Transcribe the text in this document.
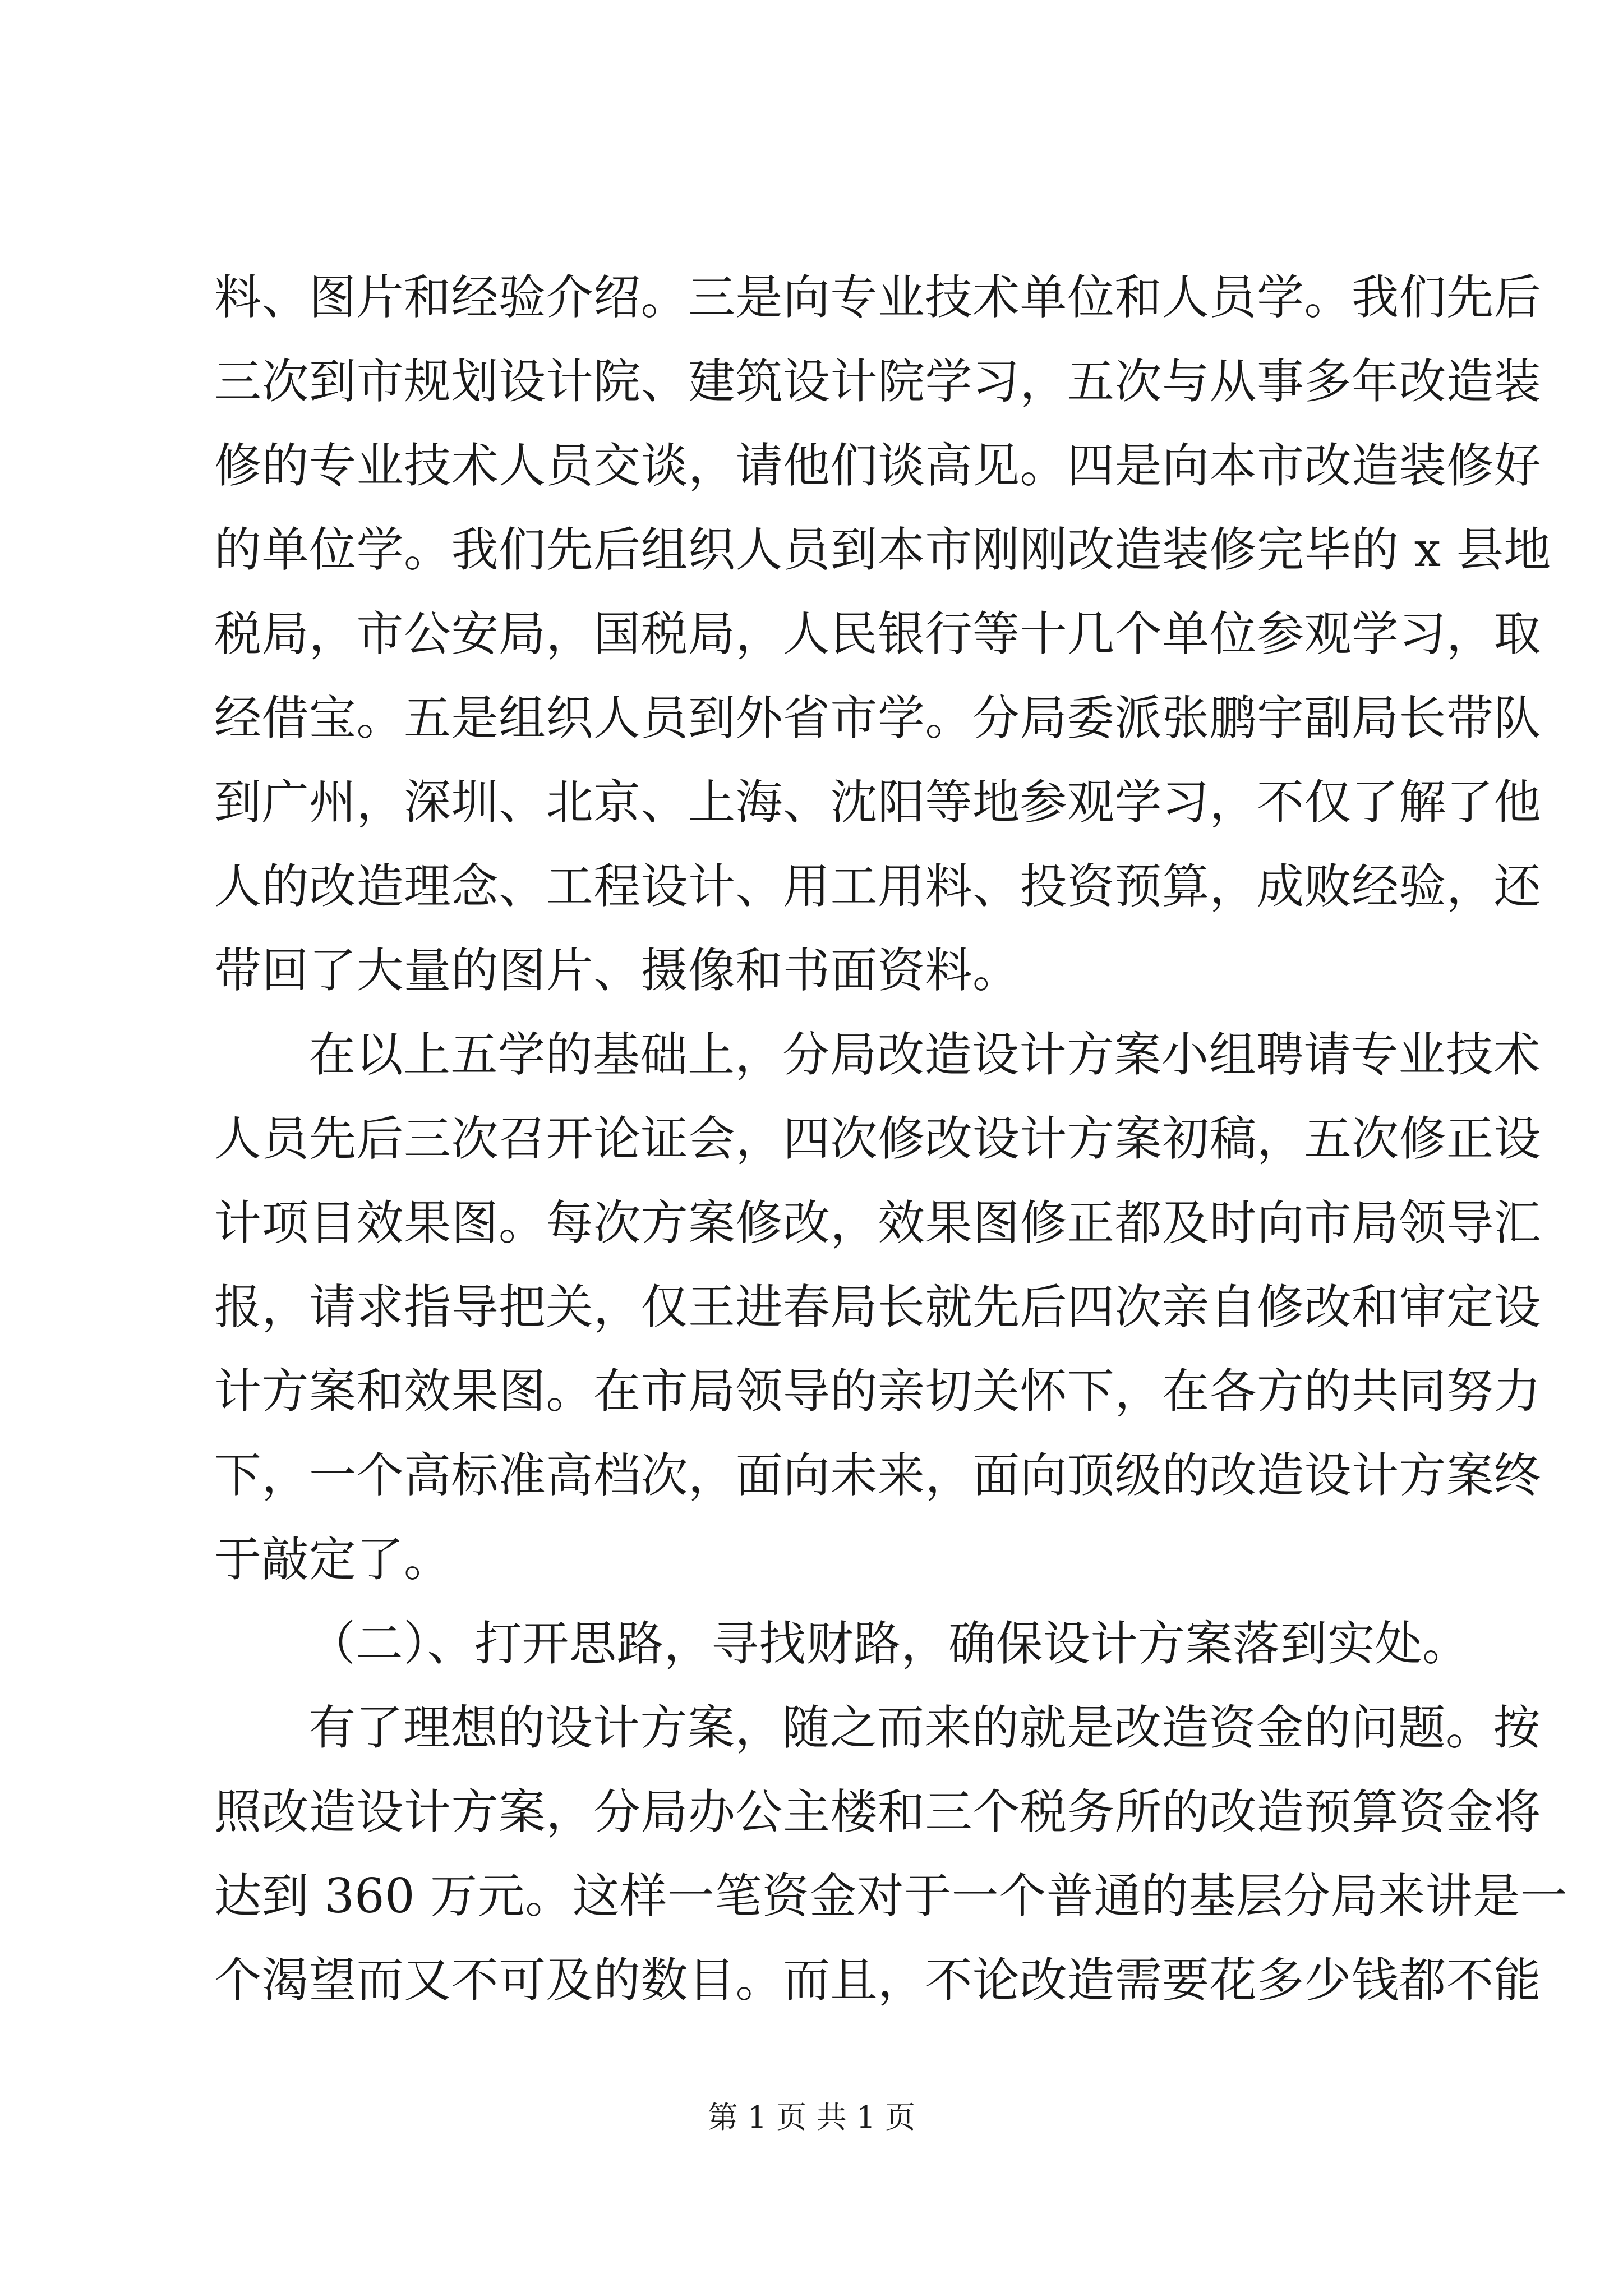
料、图片和经验介绍。三是向专业技术单位和人员学。我们先后
三次到市规划设计院、建筑设计院学习，五次与从事多年改造装
修的专业技术人员交谈，请他们谈高见。四是向本市改造装修好
的单位学。我们先后组织人员到本市刚刚改造装修完毕的 x 县地
税局，市公安局，国税局，人民银行等十几个单位参观学习，取
经借宝。五是组织人员到外省市学。分局委派张鹏宇副局长带队
到广州，深圳、北京、上海、沈阳等地参观学习，不仅了解了他
人的改造理念、工程设计、用工用料、投资预算，成败经验，还
带回了大量的图片、摄像和书面资料。
在以上五学的基础上，分局改造设计方案小组聘请专业技术
人员先后三次召开论证会，四次修改设计方案初稿，五次修正设
计项目效果图。每次方案修改，效果图修正都及时向市局领导汇
报，请求指导把关，仅王进春局长就先后四次亲自修改和审定设
计方案和效果图。在市局领导的亲切关怀下，在各方的共同努力
下，一个高标准高档次，面向未来，面向顶级的改造设计方案终
于敲定了。
（二）、打开思路，寻找财路，确保设计方案落到实处。
有了理想的设计方案，随之而来的就是改造资金的问题。按
照改造设计方案，分局办公主楼和三个税务所的改造预算资金将
达到 360 万元。这样一笔资金对于一个普通的基层分局来讲是一
个渴望而又不可及的数目。而且，不论改造需要花多少钱都不能
第 1 页 共 1 页
